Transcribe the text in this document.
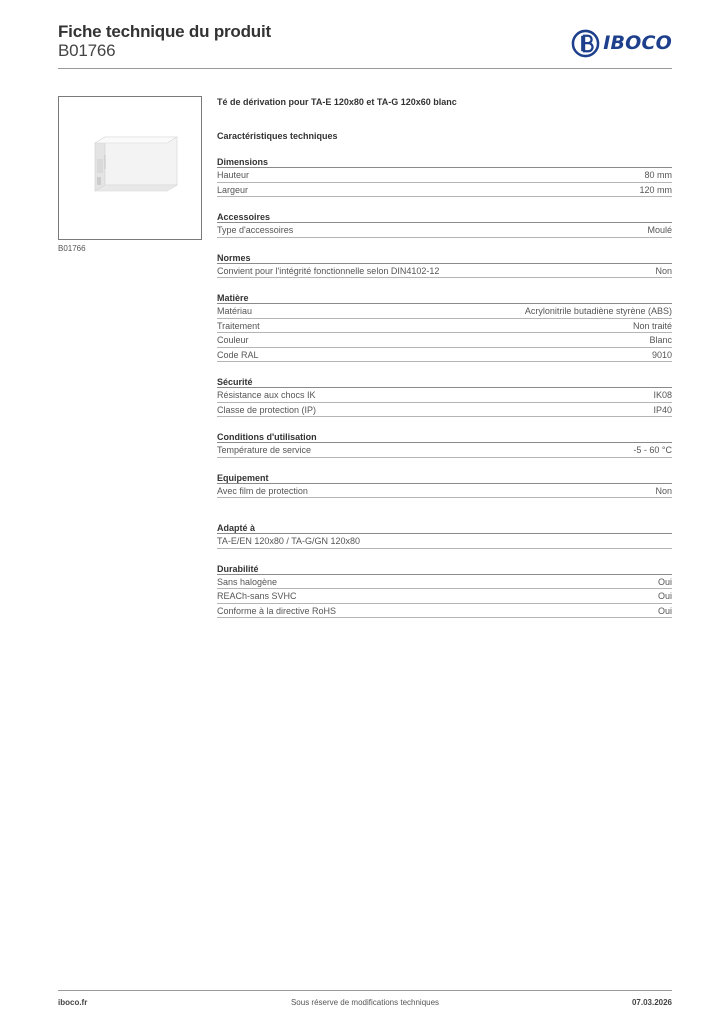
Fiche technique du produit
B01766	IBOCO
B01766
Té de dérivation pour TA-E 120x80 et TA-G 120x60 blanc
Caractéristiques techniques
Dimensions
Hauteur	80 mm
Largeur	120 mm
Accessoires
Type d'accessoires	Moulé
Normes
Convient pour l'intégrité fonctionnelle selon DIN4102-12	Non
Matière
Matériau	Acrylonitrile butadiène styrène (ABS)
Traitement	Non traité
Couleur	Blanc
Code RAL	9010
Sécurité
Résistance aux chocs IK	IK08
Classe de protection (IP)	IP40
Conditions d'utilisation
Température de service	-5 - 60 °C
Equipement
Avec film de protection	Non
Adapté à
TA-E/EN 120x80 / TA-G/GN 120x80
Durabilité
Sans halogène	Oui
REACh-sans SVHC	Oui
Conforme à la directive RoHS	Oui
iboco.fr	Sous réserve de modifications techniques	07.03.2026
